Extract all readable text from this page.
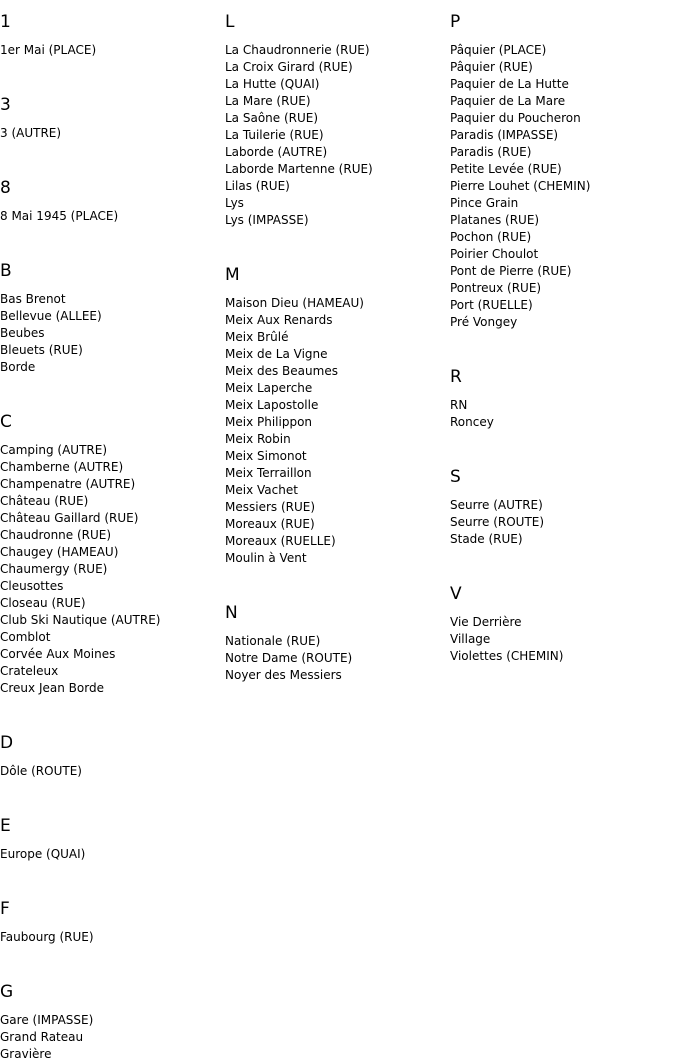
1
1er Mai (PLACE)
3
3 (AUTRE)
8
8 Mai 1945 (PLACE)
B
Bas Brenot
Bellevue (ALLEE)
Beubes
Bleuets (RUE)
Borde
C
Camping (AUTRE)
Chamberne (AUTRE)
Champenatre (AUTRE)
Château (RUE)
Château Gaillard (RUE)
Chaudronne (RUE)
Chaugey (HAMEAU)
Chaumergy (RUE)
Cleusottes
Closeau (RUE)
Club Ski Nautique (AUTRE)
Comblot
Corvée Aux Moines
Crateleux
Creux Jean Borde
D
Dôle (ROUTE)
E
Europe (QUAI)
F
Faubourg (RUE)
G
Gare (IMPASSE)
Grand Rateau
Gravière
L
La Chaudronnerie (RUE)
La Croix Girard (RUE)
La Hutte (QUAI)
La Mare (RUE)
La Saône (RUE)
La Tuilerie (RUE)
Laborde (AUTRE)
Laborde Martenne (RUE)
Lilas (RUE)
Lys
Lys (IMPASSE)
M
Maison Dieu (HAMEAU)
Meix Aux Renards
Meix Brûlé
Meix de La Vigne
Meix des Beaumes
Meix Laperche
Meix Lapostolle
Meix Philippon
Meix Robin
Meix Simonot
Meix Terraillon
Meix Vachet
Messiers (RUE)
Moreaux (RUE)
Moreaux (RUELLE)
Moulin à Vent
N
Nationale (RUE)
Notre Dame (ROUTE)
Noyer des Messiers
P
Pâquier (PLACE)
Pâquier (RUE)
Paquier de La Hutte
Paquier de La Mare
Paquier du Poucheron
Paradis (IMPASSE)
Paradis (RUE)
Petite Levée (RUE)
Pierre Louhet (CHEMIN)
Pince Grain
Platanes (RUE)
Pochon (RUE)
Poirier Choulot
Pont de Pierre (RUE)
Pontreux (RUE)
Port (RUELLE)
Pré Vongey
R
RN
Roncey
S
Seurre (AUTRE)
Seurre (ROUTE)
Stade (RUE)
V
Vie Derrière
Village
Violettes (CHEMIN)
